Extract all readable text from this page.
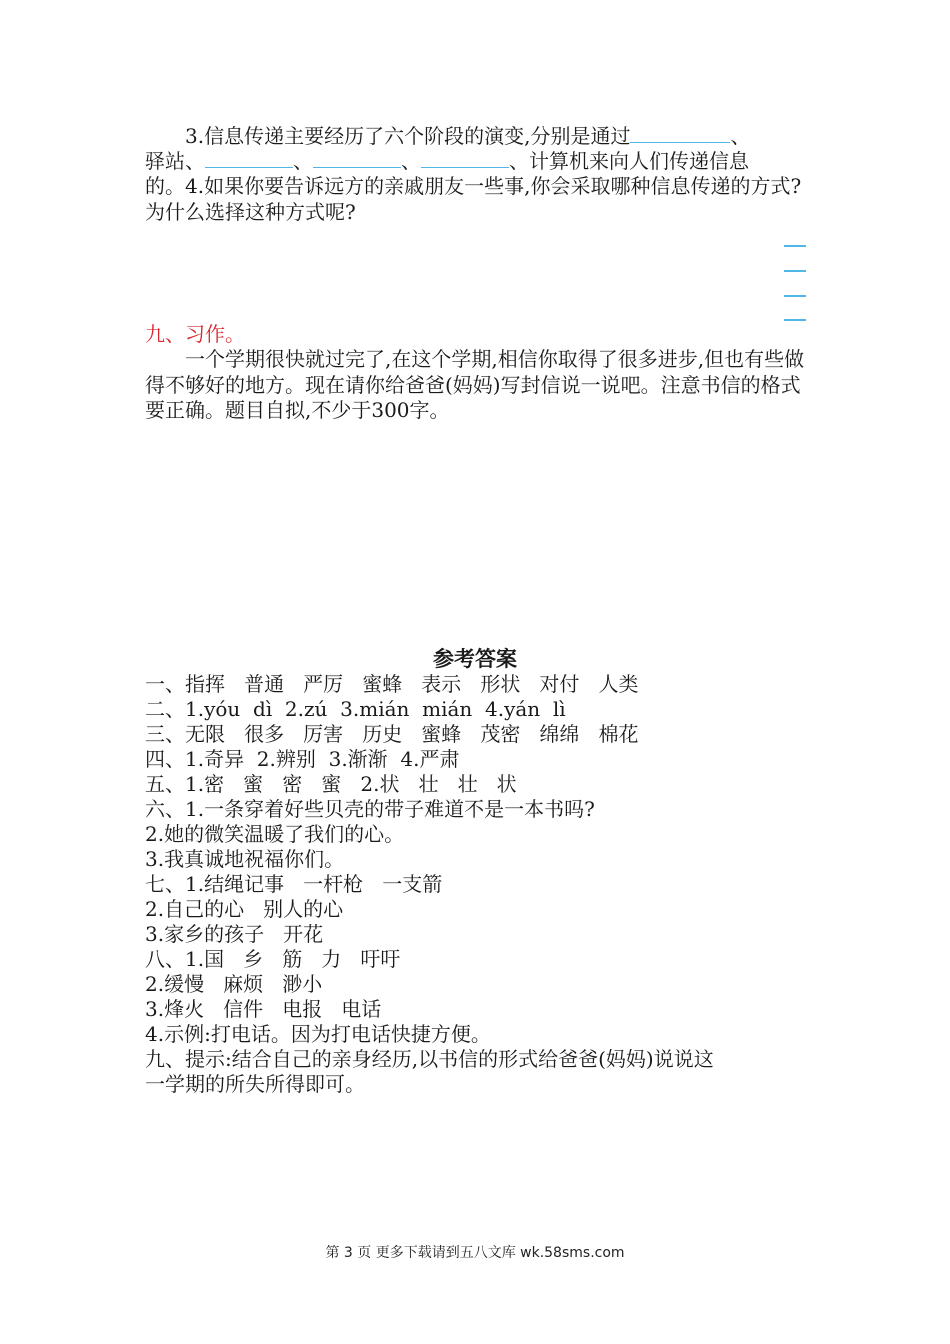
3.信息传递主要经历了六个阶段的演变,分别是通过	、
驿站、	、	、	、计算机来向人们传递信息
的。4.如果你要告诉远方的亲戚朋友一些事,你会采取哪种信息传递的方式?为什么选择这种方式呢?
九、习作。
一个学期很快就过完了,在这个学期,相信你取得了很多进步,但也有些做得不够好的地方。现在请你给爸爸(妈妈)写封信说一说吧。注意书信的格式要正确。题目自拟,不少于300字。
参考答案
一、指挥   普通   严厉   蜜蜂   表示   形状   对付   人类
二、1.yóu  dì  2.zú  3.mián  mián  4.yán  lì
三、无限   很多   厉害   历史   蜜蜂   茂密   绵绵   棉花
四、1.奇异  2.辨别  3.渐渐  4.严肃
五、1.密   蜜   密   蜜   2.状   壮   壮   状
六、1.一条穿着好些贝壳的带子难道不是一本书吗?
2.她的微笑温暖了我们的心。
3.我真诚地祝福你们。
七、1.结绳记事   一杆枪   一支箭
2.自己的心   别人的心
3.家乡的孩子   开花
八、1.国   乡   筋   力   吁吁
2.缓慢   麻烦   渺小
3.烽火   信件   电报   电话
4.示例:打电话。因为打电话快捷方便。
九、提示:结合自己的亲身经历,以书信的形式给爸爸(妈妈)说说这
一学期的所失所得即可。
第 3 页 更多下载请到五八文库 wk.58sms.com
